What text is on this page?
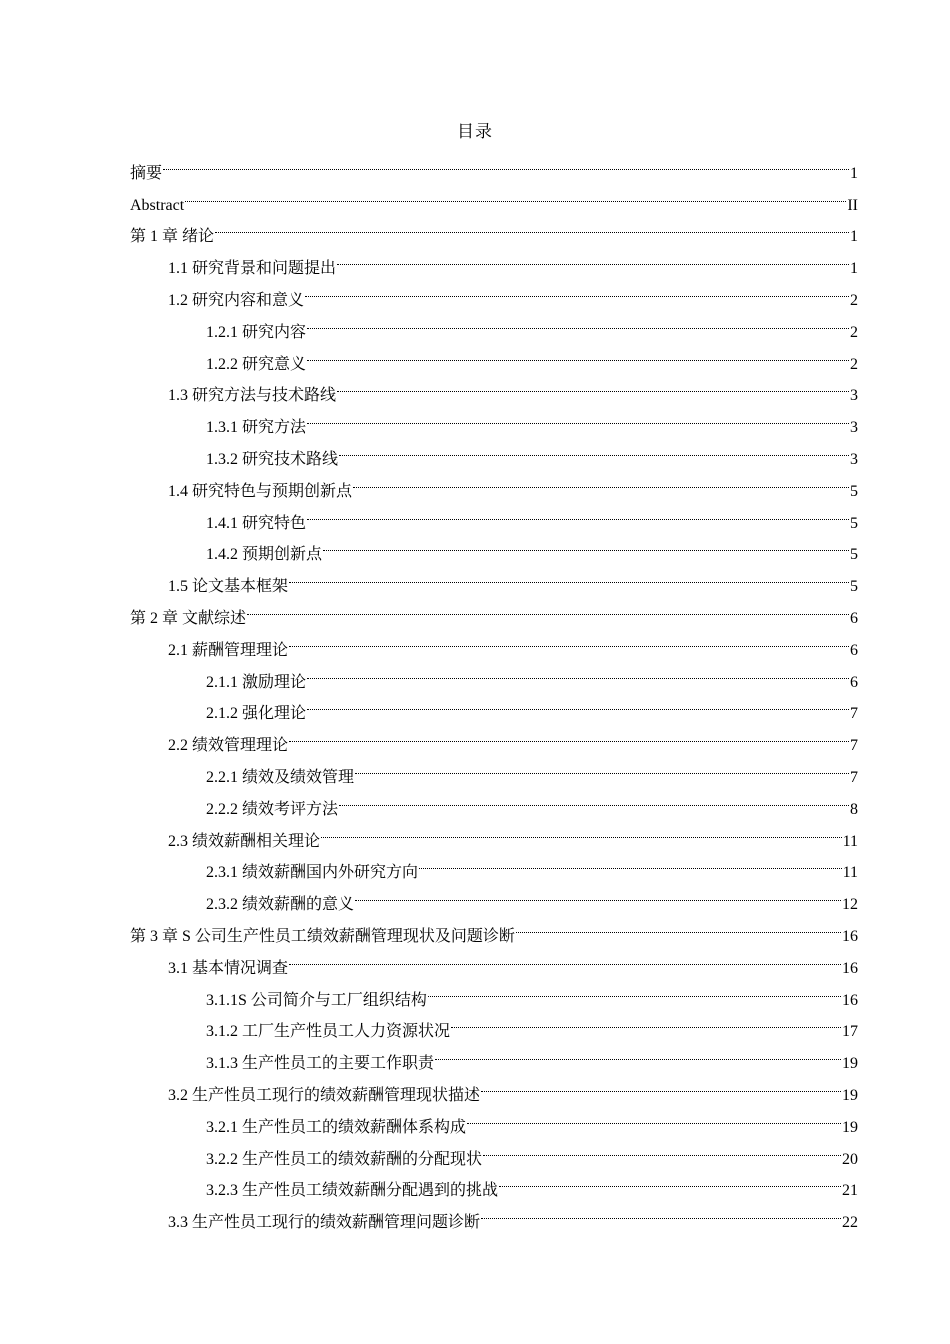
目录
摘要	1
Abstract	II
第 1 章 绪论	1
1.1 研究背景和问题提出	1
1.2 研究内容和意义	2
1.2.1 研究内容	2
1.2.2 研究意义	2
1.3 研究方法与技术路线	3
1.3.1 研究方法	3
1.3.2 研究技术路线	3
1.4 研究特色与预期创新点	5
1.4.1 研究特色	5
1.4.2 预期创新点	5
1.5 论文基本框架	5
第 2 章 文献综述	6
2.1 薪酬管理理论	6
2.1.1 激励理论	6
2.1.2 强化理论	7
2.2 绩效管理理论	7
2.2.1 绩效及绩效管理	7
2.2.2 绩效考评方法	8
2.3 绩效薪酬相关理论	11
2.3.1 绩效薪酬国内外研究方向	11
2.3.2 绩效薪酬的意义	12
第 3 章 S 公司生产性员工绩效薪酬管理现状及问题诊断	16
3.1 基本情况调查	16
3.1.1S 公司简介与工厂组织结构	16
3.1.2 工厂生产性员工人力资源状况	17
3.1.3 生产性员工的主要工作职责	19
3.2 生产性员工现行的绩效薪酬管理现状描述	19
3.2.1 生产性员工的绩效薪酬体系构成	19
3.2.2 生产性员工的绩效薪酬的分配现状	20
3.2.3 生产性员工绩效薪酬分配遇到的挑战	21
3.3 生产性员工现行的绩效薪酬管理问题诊断	22
